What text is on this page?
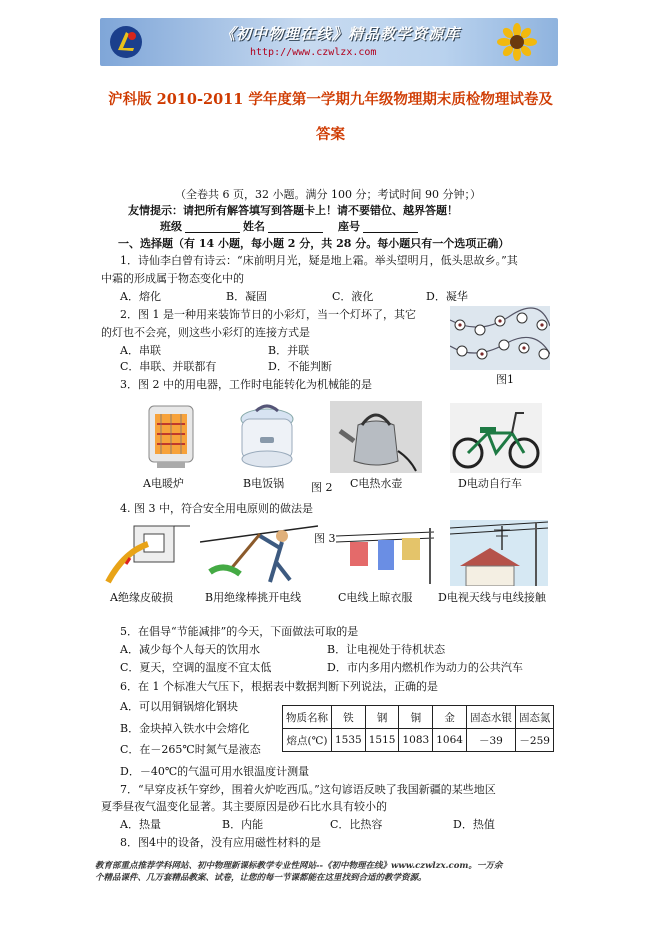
《初中物理在线》精品教学资源库
http://www.czwlzx.com
沪科版 2010-2011 学年度第一学期九年级物理期末质检物理试卷及
答案
（全卷共 6 页，32 小题。满分 100 分；考试时间 90 分钟；）
友情提示：请把所有解答填写到答题卡上！请不要错位、越界答题！
班级	姓名	座号
一、选择题（有 14 小题，每小题 2 分，共 28 分。每小题只有一个选项正确）
1．诗仙李白曾有诗云：“床前明月光，疑是地上霜。举头望明月，低头思故乡。”其
中霜的形成属于物态变化中的
A．熔化	B．凝固	C．液化	D．凝华
2．图 1 是一种用来装饰节日的小彩灯，当一个灯坏了，其它
的灯也不会亮，则这些小彩灯的连接方式是
A．串联	B．并联
C．串联、并联都有	D．不能判断
图1
3．图 2 中的用电器，工作时电能转化为机械能的是
A电暖炉	B电饭锅 图 2 C电热水壶	D电动自行车
4. 图 3 中，符合安全用电原则的做法是
图 3
A绝缘皮破损	B用绝缘棒挑开电线	C电线上晾衣服 D电视天线与电线接触
5．在倡导“节能减排”的今天，下面做法可取的是
A．减少每个人每天的饮用水	B．让电视处于待机状态
C．夏天，空调的温度不宜太低	D．市内多用内燃机作为动力的公共汽车
6．在 1 个标准大气压下，根据表中数据判断下列说法，正确的是
A．可以用铜锅熔化钢块
B．金块掉入铁水中会熔化
C．在－265℃时氮气是液态
D．－40℃的气温可用水银温度计测量
物质名称	铁	钢	铜	金	固态水银	固态氮
熔点(℃)	1535	1515	1083	1064	－39	－259
7．“早穿皮袄午穿纱，围着火炉吃西瓜。”这句谚语反映了我国新疆的某些地区
夏季昼夜气温变化显著。其主要原因是砂石比水具有较小的
A．热量	B．内能	C．比热容	D．热值
8．图4中的设备，没有应用磁性材料的是
教育部重点推荐学科网站、初中物理新课标教学专业性网站--《初中物理在线》www.czwlzx.com。一万余
个精品课件、几万套精品教案、试卷，让您的每一节课都能在这里找到合适的教学资源。
